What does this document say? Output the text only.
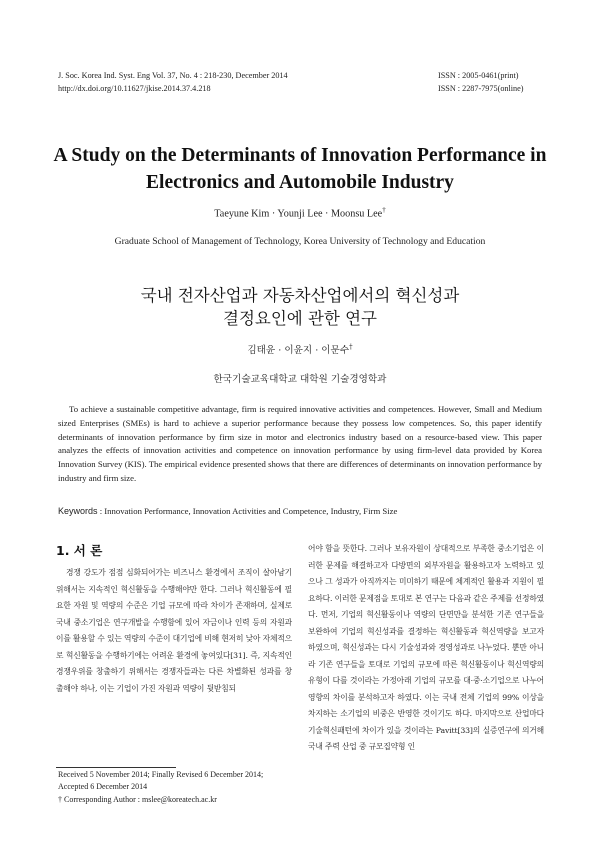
J. Soc. Korea Ind. Syst. Eng Vol. 37, No. 4 : 218-230, December 2014
http://dx.doi.org/10.11627/jkise.2014.37.4.218
ISSN : 2005-0461(print)
ISSN : 2287-7975(online)
A Study on the Determinants of Innovation Performance in Electronics and Automobile Industry
Taeyune Kim · Younji Lee · Moonsu Lee†
Graduate School of Management of Technology, Korea University of Technology and Education
국내 전자산업과 자동차산업에서의 혁신성과
결정요인에 관한 연구
김태윤 · 이윤지 · 이문수†
한국기술교육대학교 대학원 기술경영학과

To achieve a sustainable competitive advantage, firm is required innovative activities and competences. However, Small and Medium sized Enterprises (SMEs) is hard to achieve a superior performance because they possess low competences. So, this paper identify determinants of innovation performance by firm size in motor and electronics industry based on a resource-based view. This paper analyzes the effects of innovation activities and competence on innovation performance by using firm-level data provided by Korea Innovation Survey (KIS). The empirical evidence presented shows that there are differences of determinants on innovation performance by industry and firm size.

Keywords : Innovation Performance, Innovation Activities and Competence, Industry, Firm Size
1. 서 론

경쟁 강도가 점점 심화되어가는 비즈니스 환경에서 조직이 살아남기 위해서는 지속적인 혁신활동을 수행해야만 한다. 그러나 혁신활동에 필요한 자원 및 역량의 수준은 기업 규모에 따라 차이가 존재하며, 실제로 국내 중소기업은 연구개발을 수행함에 있어 자금이나 인력 등의 자원과 이를 활용할 수 있는 역량의 수준이 대기업에 비해 현저히 낮아 자체적으로 혁신활동을 수행하기에는 어려운 환경에 놓여있다[31]. 즉, 지속적인 경쟁우위를 창출하기 위해서는 경쟁자들과는 다른 차별화된 성과를 창출해야 하나, 이는 기업이 가진 자원과 역량이 뒷받침되

어야 함을 뜻한다. 그러나 보유자원이 상대적으로 부족한 중소기업은 이러한 문제를 해결하고자 다방면의 외부자원을 활용하고자 노력하고 있으나 그 성과가 아직까지는 미미하기 때문에 체계적인 활용과 지원이 필요하다. 이러한 문제점을 토대로 본 연구는 다음과 같은 주제를 선정하였다. 먼저, 기업의 혁신활동이나 역량의 단면만을 분석한 기존 연구들을 보완하여 기업의 혁신성과를 결정하는 혁신활동과 혁신역량을 보고자 하였으며, 혁신성과는 다시 기술성과와 경영성과로 나누었다. 뿐만 아니라 기존 연구들을 토대로 기업의 규모에 따른 혁신활동이나 혁신역량의 유형이 다를 것이라는 가정아래 기업의 규모를 대·중·소기업으로 나누어 영향의 차이를 분석하고자 하였다. 이는 국내 전체 기업의 99% 이상을 차지하는 소기업의 비중은 반영한 것이기도 하다. 마지막으로 산업마다 기술혁신패턴에 차이가 있을 것이라는 Pavitt[33]의 실증연구에 의거해 국내 주력 산업 중 규모집약형 인

Received 5 November 2014; Finally Revised 6 December 2014;
Accepted 6 December 2014
† Corresponding Author : mslee@koreatech.ac.kr
